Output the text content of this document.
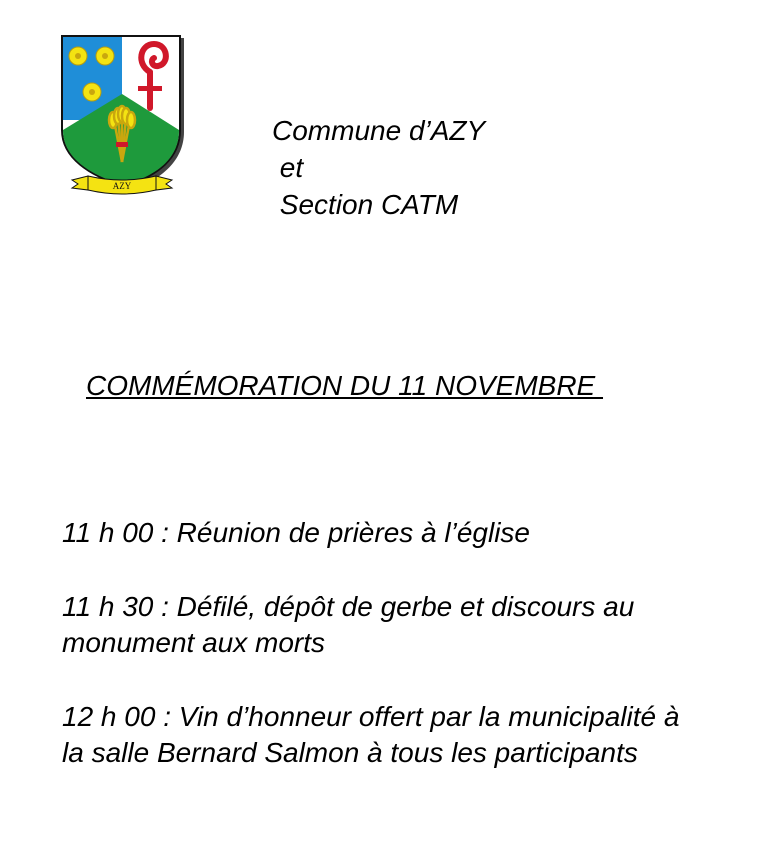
AZY
Commune d’AZY
et
Section CATM
COMMÉMORATION DU 11 NOVEMBRE
11 h 00 : Réunion de prières à l’église
11 h 30 : Défilé, dépôt de gerbe et discours au monument aux morts
12 h 00 : Vin d’honneur offert par la municipalité à la salle Bernard Salmon à tous les participants
